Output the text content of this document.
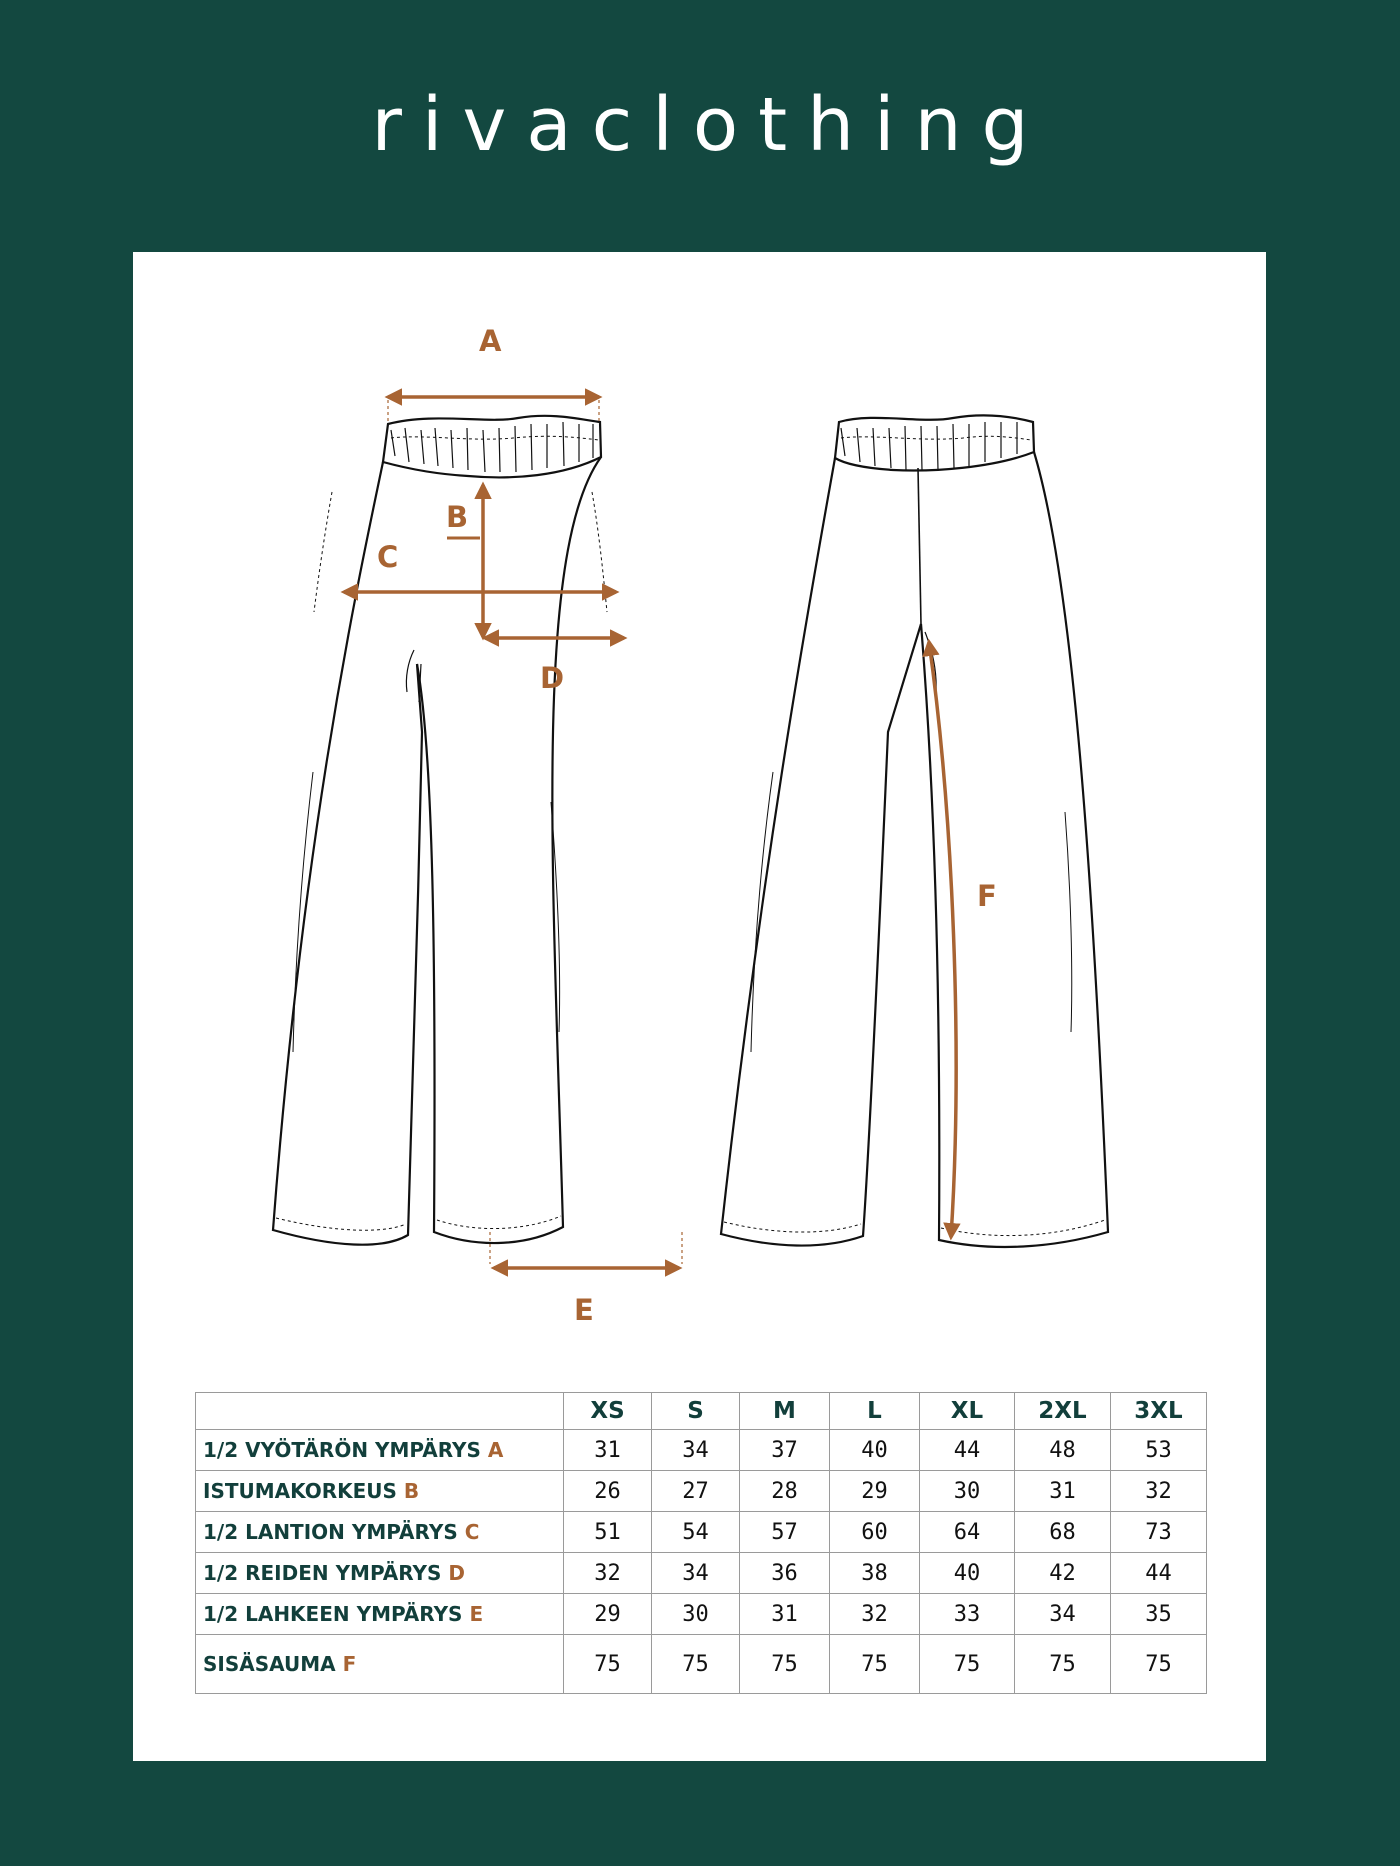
rivaclothing
A
B
C
D
E
F
	XS	S	M	L	XL	2XL	3XL
1/2 VYÖTÄRÖN YMPÄRYS A	31	34	37	40	44	48	53
ISTUMAKORKEUS B	26	27	28	29	30	31	32
1/2 LANTION YMPÄRYS C	51	54	57	60	64	68	73
1/2 REIDEN YMPÄRYS D	32	34	36	38	40	42	44
1/2 LAHKEEN YMPÄRYS E	29	30	31	32	33	34	35
SISÄSAUMA F	75	75	75	75	75	75	75
